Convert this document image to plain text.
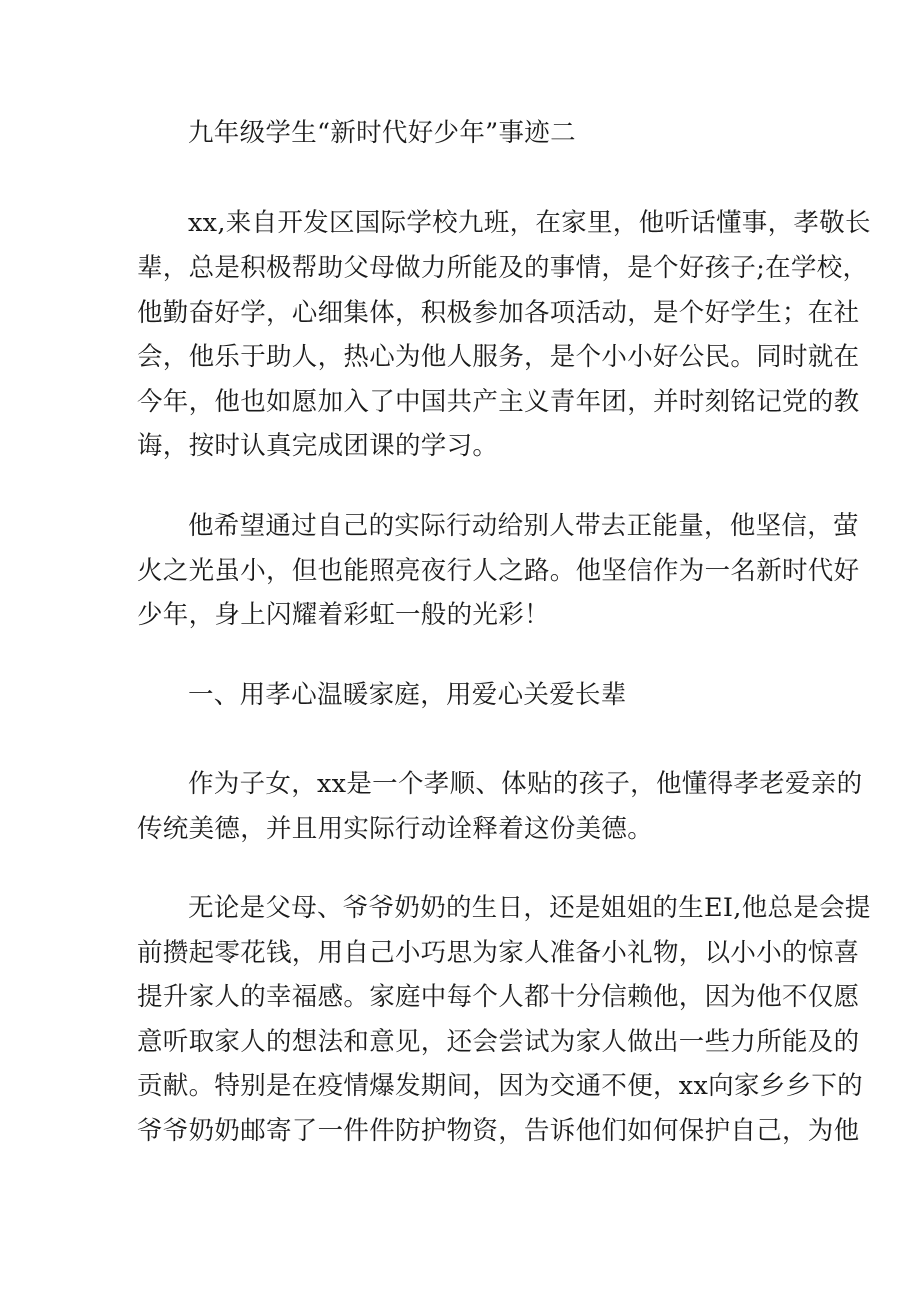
九年级学生“新时代好少年”事迹二
xx,来自开发区国际学校九班，在家里，他听话懂事，孝敬长
辈，总是积极帮助父母做力所能及的事情，是个好孩子;在学校，
他勤奋好学，心细集体，积极参加各项活动，是个好学生；在社
会，他乐于助人，热心为他人服务，是个小小好公民。同时就在
今年，他也如愿加入了中国共产主义青年团，并时刻铭记党的教
诲，按时认真完成团课的学习。
他希望通过自己的实际行动给别人带去正能量，他坚信，萤
火之光虽小，但也能照亮夜行人之路。他坚信作为一名新时代好
少年，身上闪耀着彩虹一般的光彩！
一、用孝心温暖家庭，用爱心关爱长辈
作为子女，xx是一个孝顺、体贴的孩子，他懂得孝老爱亲的
传统美德，并且用实际行动诠释着这份美德。
无论是父母、爷爷奶奶的生日，还是姐姐的生ΕΙ,他总是会提
前攒起零花钱，用自己小巧思为家人准备小礼物，以小小的惊喜
提升家人的幸福感。家庭中每个人都十分信赖他，因为他不仅愿
意听取家人的想法和意见，还会尝试为家人做出一些力所能及的
贡献。特别是在疫情爆发期间，因为交通不便，xx向家乡乡下的
爷爷奶奶邮寄了一件件防护物资，告诉他们如何保护自己，为他
